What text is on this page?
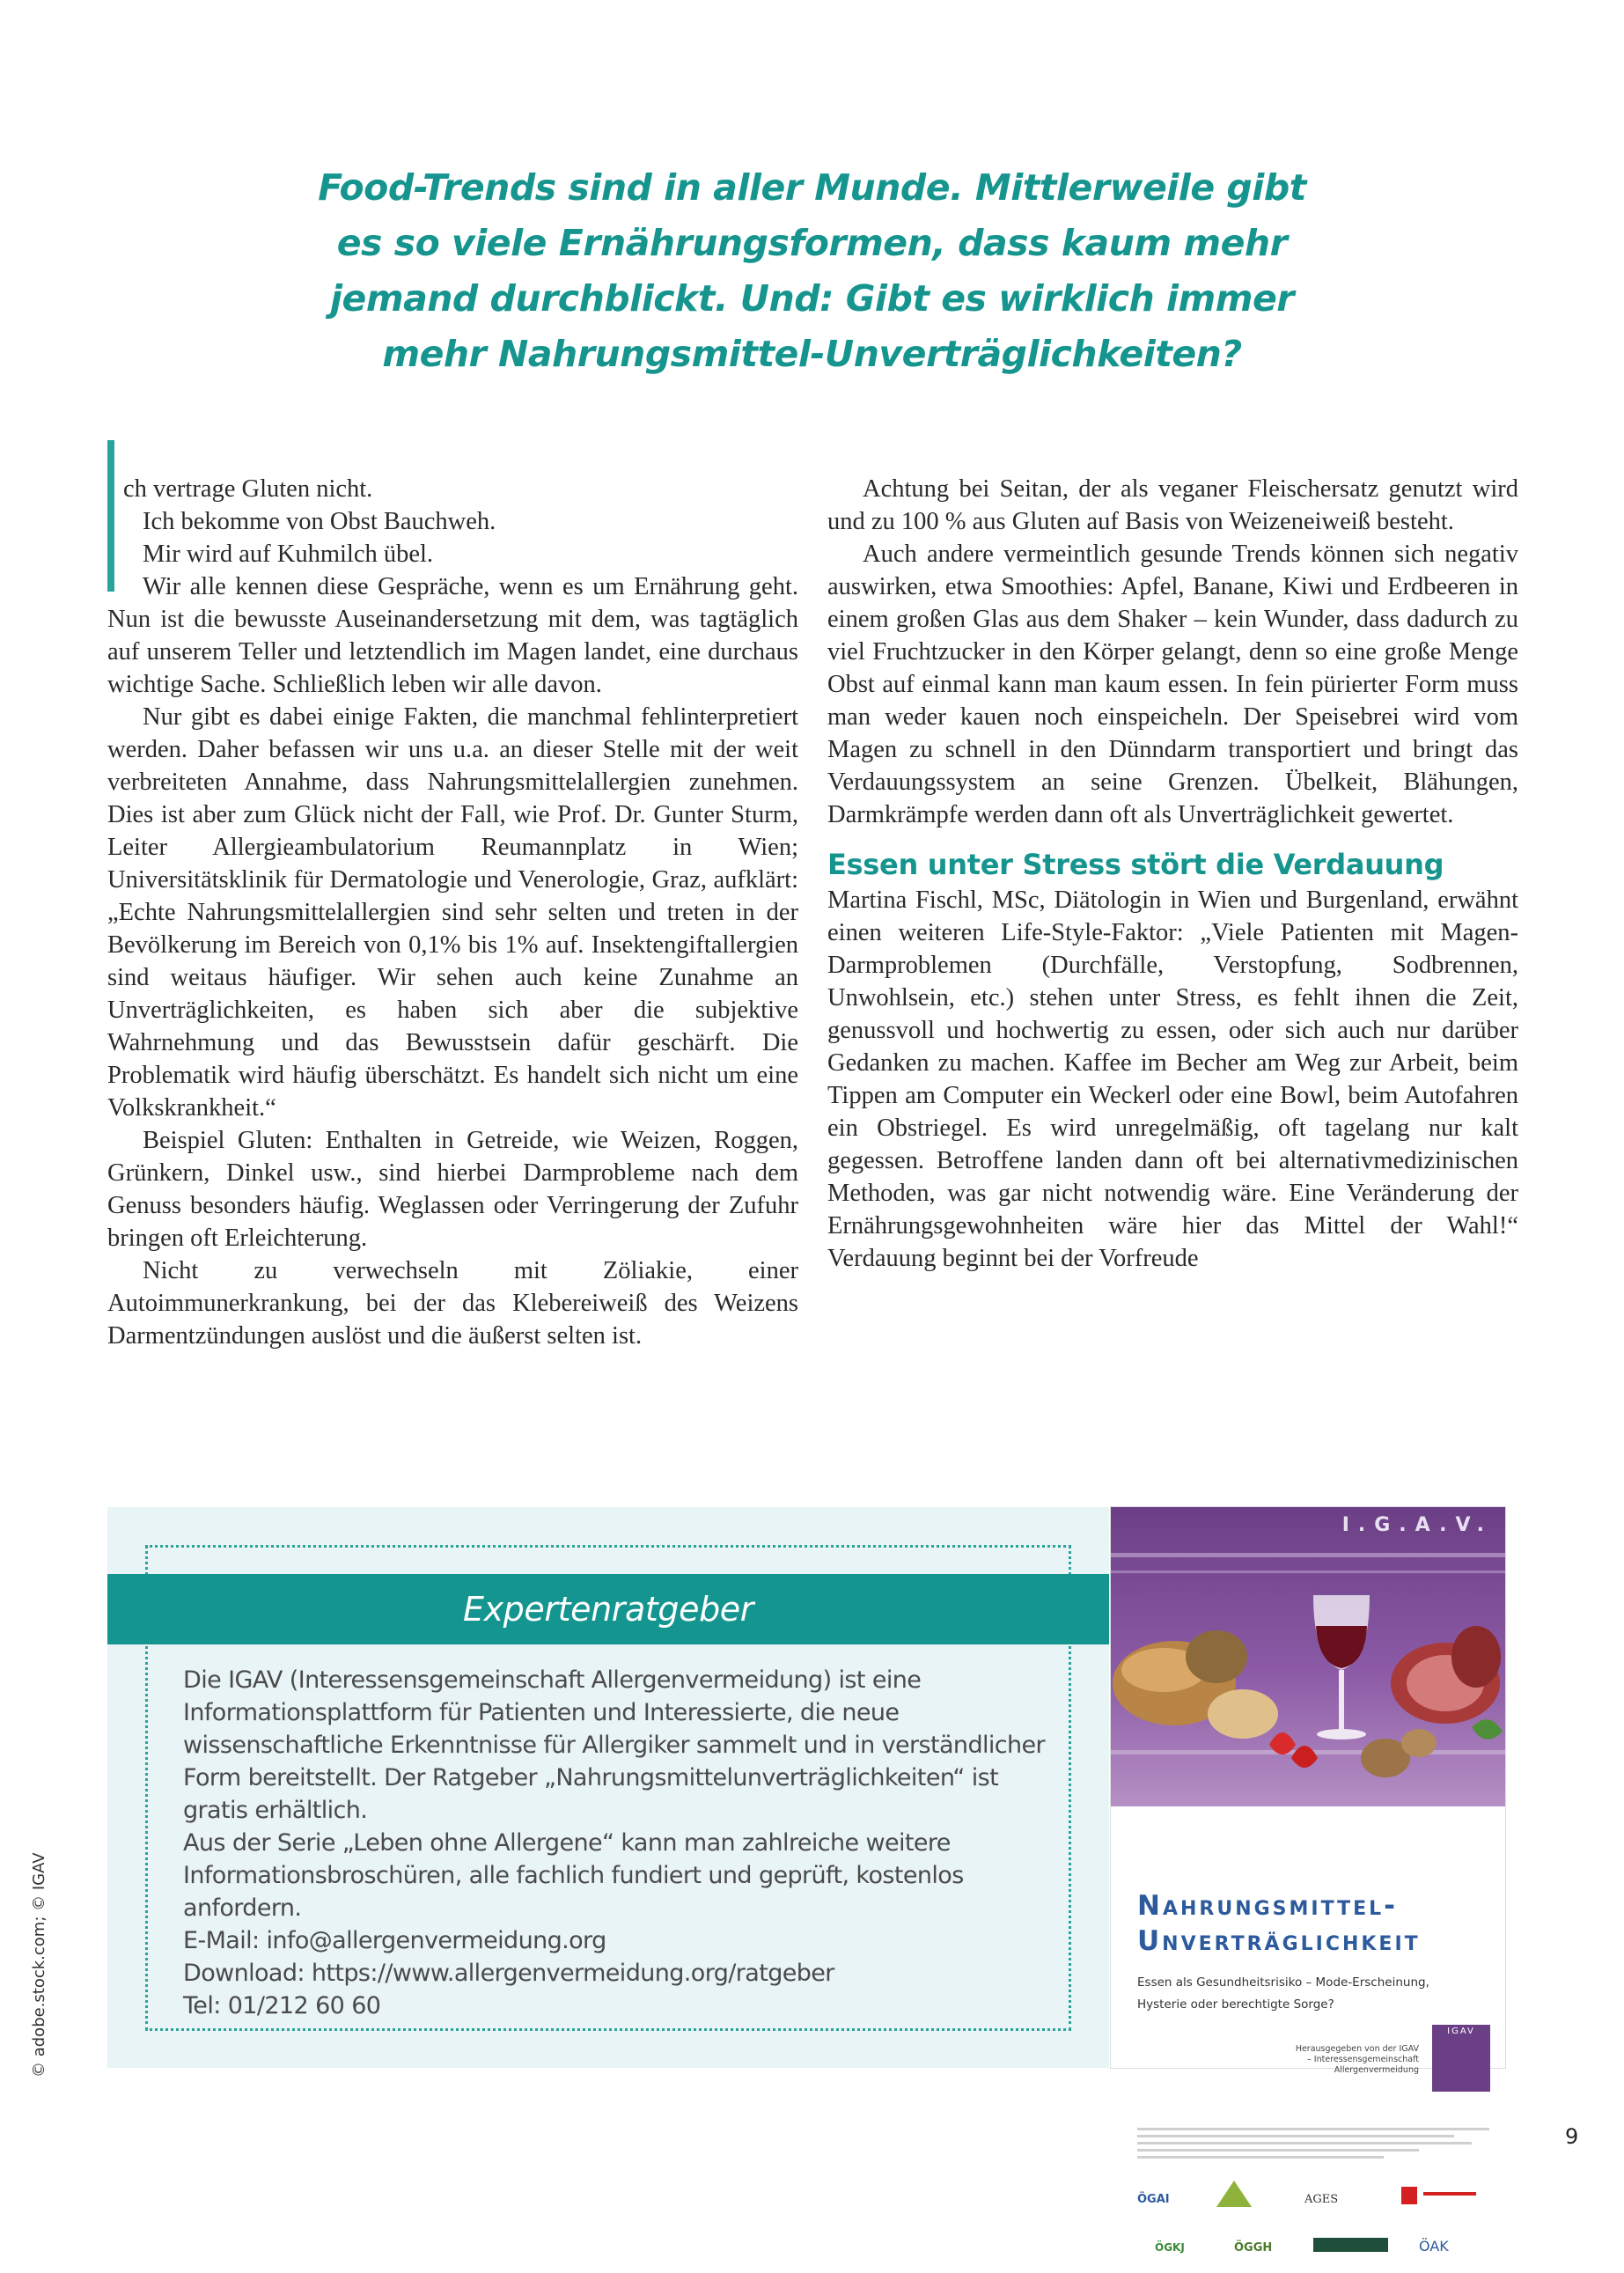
Food-Trends sind in aller Munde. Mittlerweile gibt
es so viele Ernährungsformen, dass kaum mehr
jemand durchblickt. Und: Gibt es wirklich immer
mehr Nahrungsmittel-Unverträglichkeiten?

ch vertrage Gluten nicht.

Ich bekomme von Obst Bauchweh.

Mir wird auf Kuhmilch übel.

Wir alle kennen diese Gespräche, wenn es um Ernährung geht. Nun ist die bewusste Auseinandersetzung mit dem, was tagtäglich auf unserem Teller und letztendlich im Magen landet, eine durchaus wichtige Sache. Schließlich leben wir alle davon.

Nur gibt es dabei einige Fakten, die manchmal fehlinterpretiert werden. Daher befassen wir uns u.a. an dieser Stelle mit der weit verbreiteten Annahme, dass Nahrungsmittelallergien zunehmen. Dies ist aber zum Glück nicht der Fall, wie Prof. Dr. Gunter Sturm, Leiter Allergieambulatorium Reumannplatz in Wien; Universitätsklinik für Dermatologie und Venerologie, Graz, aufklärt: „Echte Nahrungsmittelallergien sind sehr selten und treten in der Bevölkerung im Bereich von 0,1% bis 1% auf. Insektengiftallergien sind weitaus häufiger. Wir sehen auch keine Zunahme an Unverträglichkeiten, es haben sich aber die subjektive Wahrnehmung und das Bewusstsein dafür geschärft. Die Problematik wird häufig überschätzt. Es handelt sich nicht um eine Volkskrankheit.“

Beispiel Gluten: Enthalten in Getreide, wie Weizen, Roggen, Grünkern, Dinkel usw., sind hierbei Darmprobleme nach dem Genuss besonders häufig. Weglassen oder Verringerung der Zufuhr bringen oft Erleichterung.

Nicht zu verwechseln mit Zöliakie, einer Autoimmunerkrankung, bei der das Klebereiweiß des Weizens Darmentzündungen auslöst und die äußerst selten ist.

Achtung bei Seitan, der als veganer Fleischersatz genutzt wird und zu 100 % aus Gluten auf Basis von Weizeneiweiß besteht.

Auch andere vermeintlich gesunde Trends können sich negativ auswirken, etwa Smoothies: Apfel, Banane, Kiwi und Erdbeeren in einem großen Glas aus dem Shaker – kein Wunder, dass dadurch zu viel Fruchtzucker in den Körper gelangt, denn so eine große Menge Obst auf einmal kann man kaum essen. In fein pürierter Form muss man weder kauen noch einspeicheln. Der Speisebrei wird vom Magen zu schnell in den Dünndarm transportiert und bringt das Verdauungssystem an seine Grenzen. Übelkeit, Blähungen, Darmkrämpfe werden dann oft als Unverträglichkeit gewertet.

Essen unter Stress stört die Verdauung

Martina Fischl, MSc, Diätologin in Wien und Burgenland, erwähnt einen weiteren Life-Style-Faktor: „Viele Patienten mit Magen-Darmproblemen (Durchfälle, Verstopfung, Sodbrennen, Unwohlsein, etc.) stehen unter Stress, es fehlt ihnen die Zeit, genussvoll und hochwertig zu essen, oder sich auch nur darüber Gedanken zu machen. Kaffee im Becher am Weg zur Arbeit, beim Tippen am Computer ein Weckerl oder eine Bowl, beim Autofahren ein Obstriegel. Es wird unregelmäßig, oft tagelang nur kalt gegessen. Betroffene landen dann oft bei alternativmedizinischen Methoden, was gar nicht notwendig wäre. Eine Veränderung der Ernährungsgewohnheiten wäre hier das Mittel der Wahl!“ Verdauung beginnt bei der Vorfreude

Expertenratgeber

Die IGAV (Interessensgemeinschaft Allergenvermeidung) ist eine Informationsplattform für Patienten und Interessierte, die neue wissenschaftliche Erkenntnisse für Allergiker sammelt und in verständlicher Form bereitstellt. Der Ratgeber „Nahrungsmittelunverträglichkeiten“ ist gratis erhältlich.

Aus der Serie „Leben ohne Allergene“ kann man zahlreiche weitere Informationsbroschüren, alle fachlich fundiert und geprüft, kostenlos anfordern.

E-Mail: info@allergenvermeidung.org

Download: https://www.allergenvermeidung.org/ratgeber

Tel: 01/212 60 60

I.G.A.V.
Nahrungsmittel-
Unverträglichkeit
Essen als Gesundheitsrisiko – Mode-Erscheinung,
Hysterie oder berechtigte Sorge?
Herausgegeben von der IGAV
– Interessensgemeinschaft
Allergenvermeidung
IGAV
ÖGAI	AGES
ÖGKJ	ÖGGH	ÖAK
© adobe.stock.com; © IGAV
9
